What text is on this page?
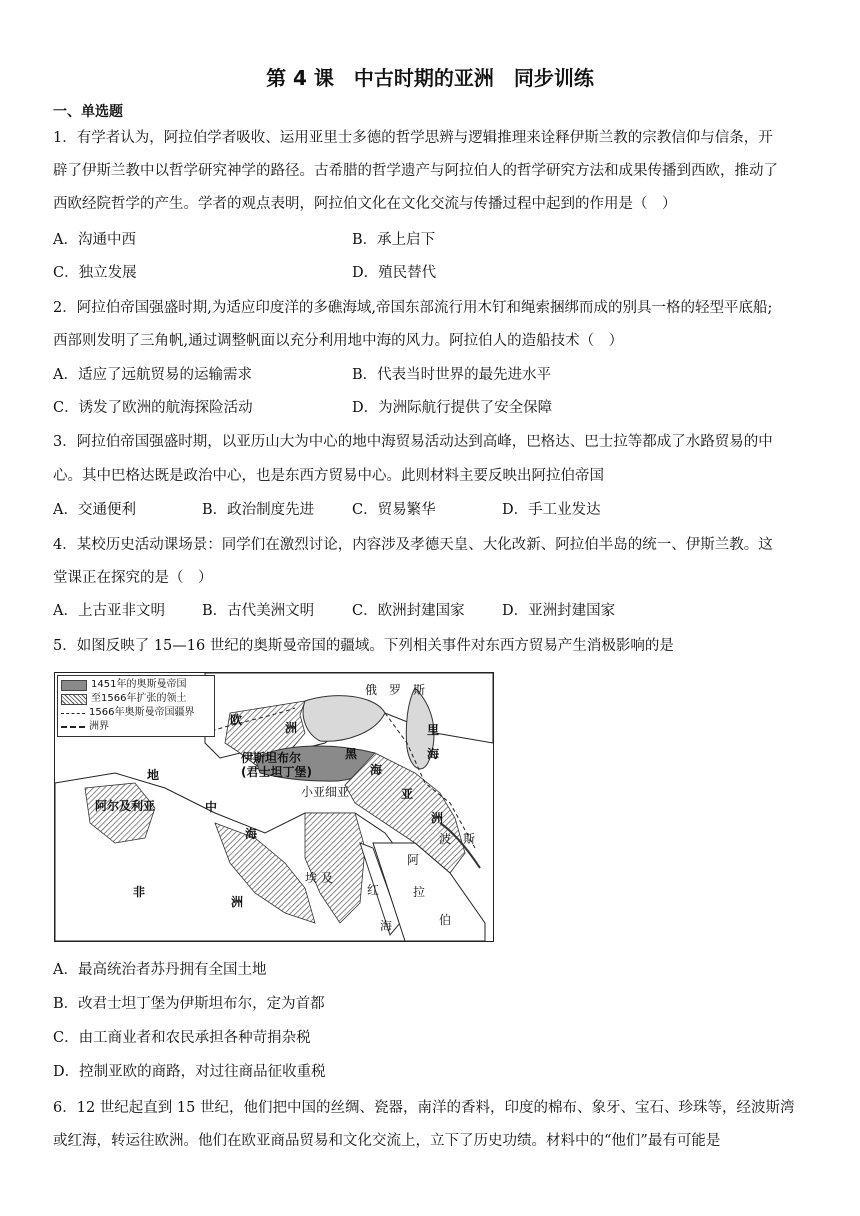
第 4 课　中古时期的亚洲　同步训练
一、单选题
1．有学者认为，阿拉伯学者吸收、运用亚里士多德的哲学思辨与逻辑推理来诠释伊斯兰教的宗教信仰与信条，开
辟了伊斯兰教中以哲学研究神学的路径。古希腊的哲学遗产与阿拉伯人的哲学研究方法和成果传播到西欧，推动了
西欧经院哲学的产生。学者的观点表明，阿拉伯文化在文化交流与传播过程中起到的作用是（　）
A．沟通中西	B．承上启下
C．独立发展	D．殖民替代
2．阿拉伯帝国强盛时期,为适应印度洋的多礁海域,帝国东部流行用木钉和绳索捆绑而成的别具一格的轻型平底船;
西部则发明了三角帆,通过调整帆面以充分利用地中海的风力。阿拉伯人的造船技术（　）
A．适应了远航贸易的运输需求	B．代表当时世界的最先进水平
C．诱发了欧洲的航海探险活动	D．为洲际航行提供了安全保障
3．阿拉伯帝国强盛时期，以亚历山大为中心的地中海贸易活动达到高峰，巴格达、巴士拉等都成了水路贸易的中
心。其中巴格达既是政治中心，也是东西方贸易中心。此则材料主要反映出阿拉伯帝国
A．交通便利	B．政治制度先进	C．贸易繁华	D．手工业发达
4．某校历史活动课场景：同学们在激烈讨论，内容涉及孝德天皇、大化改新、阿拉伯半岛的统一、伊斯兰教。这
堂课正在探究的是（　）
A．上古亚非文明	B．古代美洲文明	C．欧洲封建国家	D．亚洲封建国家
5．如图反映了 15—16 世纪的奥斯曼帝国的疆域。下列相关事件对东西方贸易产生消极影响的是
1451年的奥斯曼帝国
至1566年扩张的领土
1566年奥斯曼帝国疆界
洲界
俄　罗　斯
欧
洲
黑
海
里
海
伊斯坦布尔
(君士坦丁堡)
小亚细亚
地
阿尔及利亚	中
海
亚
洲
波　斯
阿
拉
伯
埃 及
红
海
非
洲
A．最高统治者苏丹拥有全国土地
B．改君士坦丁堡为伊斯坦布尔，定为首都
C．由工商业者和农民承担各种苛捐杂税
D．控制亚欧的商路，对过往商品征收重税
6．12 世纪起直到 15 世纪，他们把中国的丝绸、瓷器，南洋的香料，印度的棉布、象牙、宝石、珍珠等，经波斯湾
或红海，转运往欧洲。他们在欧亚商品贸易和文化交流上，立下了历史功绩。材料中的“他们”最有可能是
